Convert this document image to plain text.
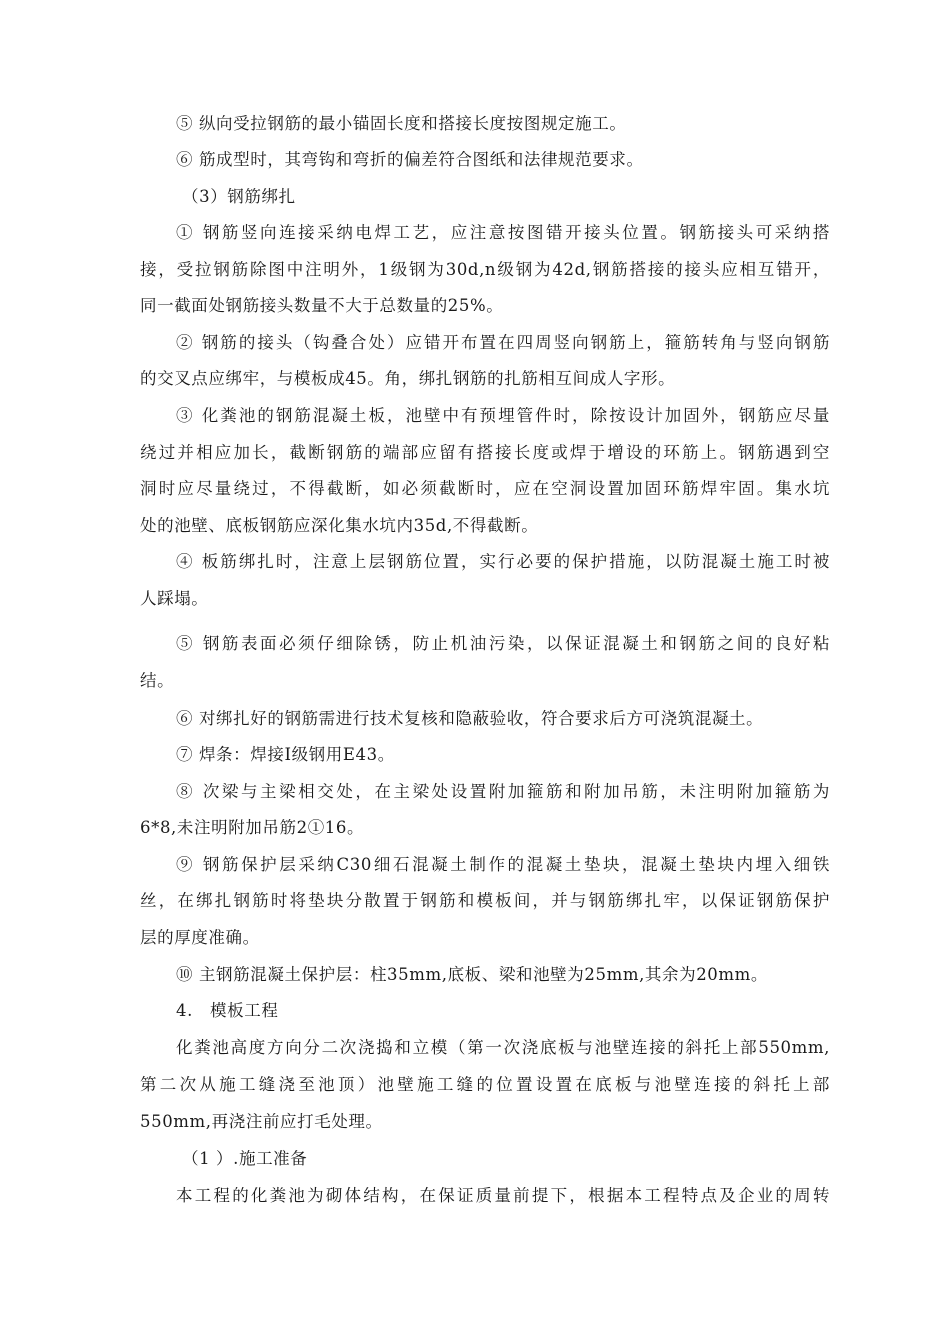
⑤ 纵向受拉钢筋的最小锚固长度和搭接长度按图规定施工。
⑥ 筋成型时，其弯钩和弯折的偏差符合图纸和法律规范要求。
（3）钢筋绑扎
① 钢筋竖向连接采纳电焊工艺，应注意按图错开接头位置。钢筋接头可采纳搭
接，受拉钢筋除图中注明外，1级钢为30d,n级钢为42d,钢筋搭接的接头应相互错开，
同一截面处钢筋接头数量不大于总数量的25%。
② 钢筋的接头（钩叠合处）应错开布置在四周竖向钢筋上，箍筋转角与竖向钢筋
的交叉点应绑牢，与模板成45。角，绑扎钢筋的扎筋相互间成人字形。
③ 化粪池的钢筋混凝土板，池壁中有预埋管件时，除按设计加固外，钢筋应尽量
绕过并相应加长，截断钢筋的端部应留有搭接长度或焊于增设的环筋上。钢筋遇到空
洞时应尽量绕过，不得截断，如必须截断时，应在空洞设置加固环筋焊牢固。集水坑
处的池壁、底板钢筋应深化集水坑内35d,不得截断。
④ 板筋绑扎时，注意上层钢筋位置，实行必要的保护措施，以防混凝土施工时被
人踩塌。
⑤ 钢筋表面必须仔细除锈，防止机油污染，以保证混凝土和钢筋之间的良好粘
结。
⑥ 对绑扎好的钢筋需进行技术复核和隐蔽验收，符合要求后方可浇筑混凝土。
⑦ 焊条：焊接Ⅰ级钢用E43。
⑧ 次梁与主梁相交处，在主梁处设置附加箍筋和附加吊筋，未注明附加箍筋为
6*8,未注明附加吊筋2①16。
⑨ 钢筋保护层采纳C30细石混凝土制作的混凝土垫块，混凝土垫块内埋入细铁
丝，在绑扎钢筋时将垫块分散置于钢筋和模板间，并与钢筋绑扎牢，以保证钢筋保护
层的厚度准确。
⑩ 主钢筋混凝土保护层：柱35mm,底板、梁和池壁为25mm,其余为20mm。
4.　模板工程
化粪池高度方向分二次浇捣和立模（第一次浇底板与池壁连接的斜托上部550mm,
第二次从施工缝浇至池顶）池壁施工缝的位置设置在底板与池壁连接的斜托上部
550mm,再浇注前应打毛处理。
（1 ）.施工准备
本工程的化粪池为砌体结构，在保证质量前提下，根据本工程特点及企业的周转
